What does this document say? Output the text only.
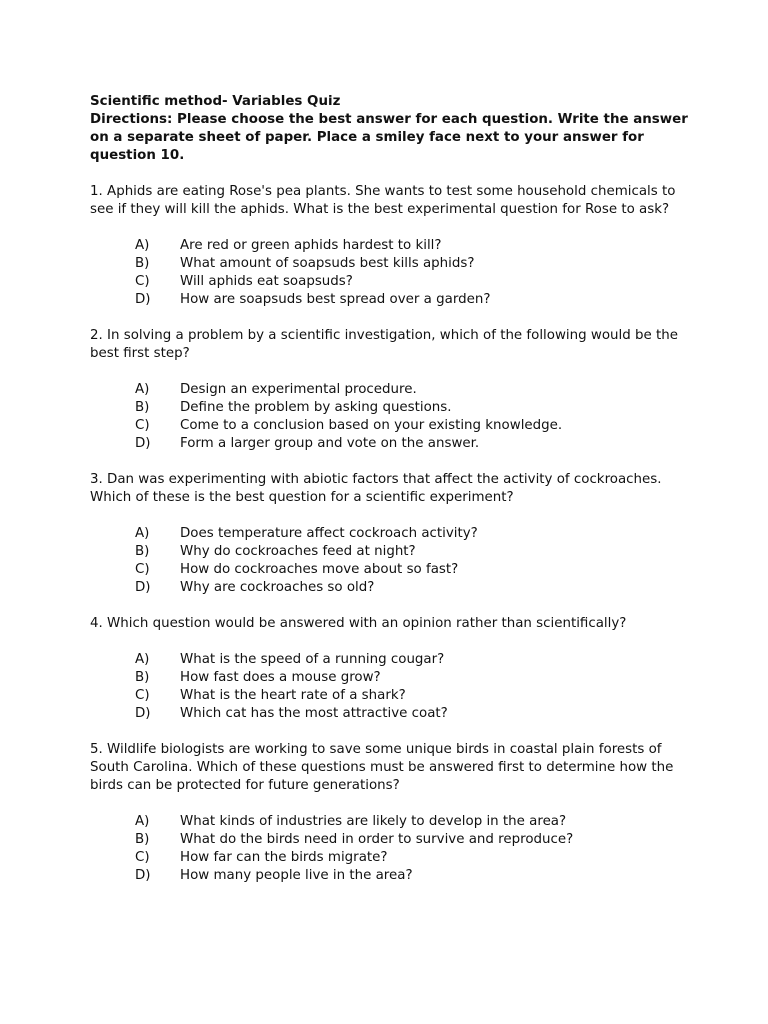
Scientific method- Variables Quiz
Directions: Please choose the best answer for each question. Write the answer on a separate sheet of paper. Place a smiley face next to your answer for question 10.
1. Aphids are eating Rose's pea plants. She wants to test some household chemicals to see if they will kill the aphids. What is the best experimental question for Rose to ask?
A)	Are red or green aphids hardest to kill?
B)	What amount of soapsuds best kills aphids?
C)	Will aphids eat soapsuds?
D)	How are soapsuds best spread over a garden?
2. In solving a problem by a scientific investigation, which of the following would be the best first step?
A)	Design an experimental procedure.
B)	Define the problem by asking questions.
C)	Come to a conclusion based on your existing knowledge.
D)	Form a larger group and vote on the answer.
3. Dan was experimenting with abiotic factors that affect the activity of cockroaches. Which of these is the best question for a scientific experiment?
A)	Does temperature affect cockroach activity?
B)	Why do cockroaches feed at night?
C)	How do cockroaches move about so fast?
D)	Why are cockroaches so old?
4. Which question would be answered with an opinion rather than scientifically?
A)	What is the speed of a running cougar?
B)	How fast does a mouse grow?
C)	What is the heart rate of a shark?
D)	Which cat has the most attractive coat?
5. Wildlife biologists are working to save some unique birds in coastal plain forests of South Carolina. Which of these questions must be answered first to determine how the birds can be protected for future generations?
A)	What kinds of industries are likely to develop in the area?
B)	What do the birds need in order to survive and reproduce?
C)	How far can the birds migrate?
D)	How many people live in the area?
